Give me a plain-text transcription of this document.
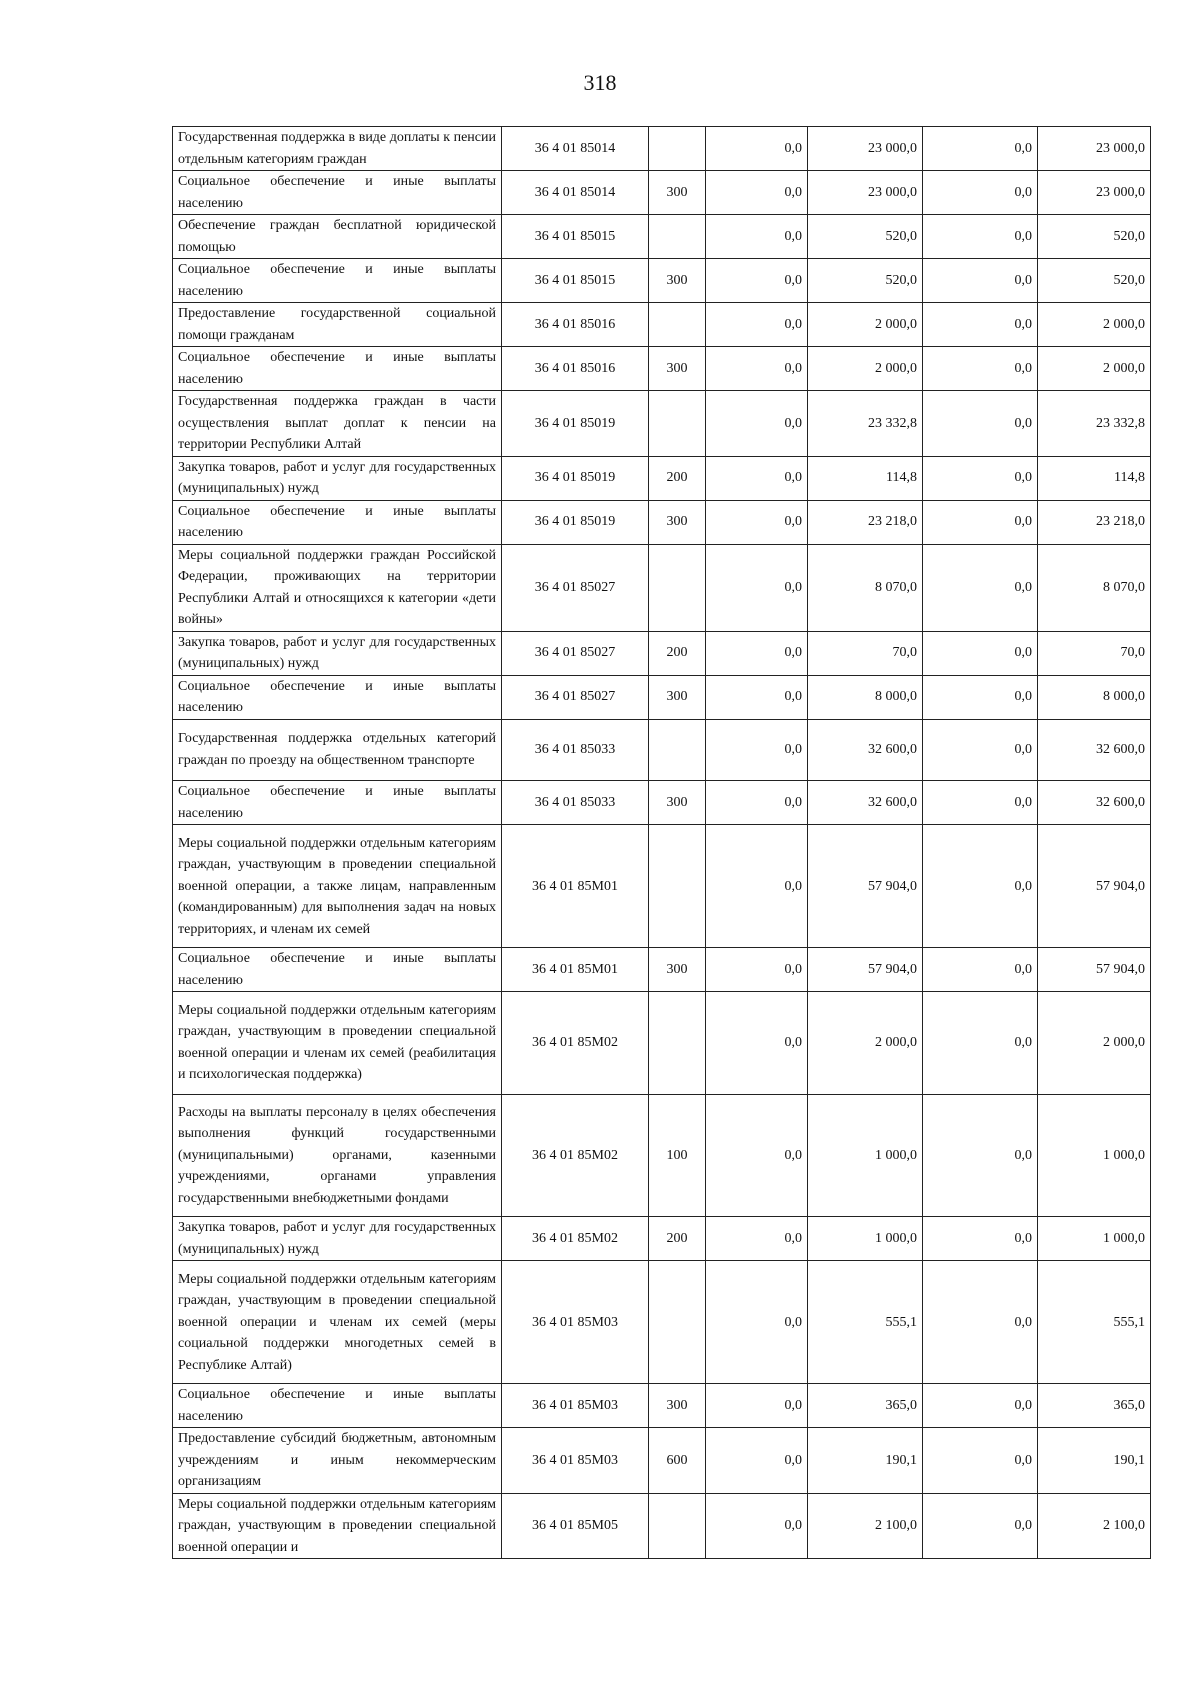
318
Государственная поддержка в виде доплаты к пенсии отдельным категориям граждан	36 4 01 85014		0,0	23 000,0	0,0	23 000,0
Социальное обеспечение и иные выплаты населению	36 4 01 85014	300	0,0	23 000,0	0,0	23 000,0
Обеспечение граждан бесплатной юридической помощью	36 4 01 85015		0,0	520,0	0,0	520,0
Социальное обеспечение и иные выплаты населению	36 4 01 85015	300	0,0	520,0	0,0	520,0
Предоставление государственной социальной помощи гражданам	36 4 01 85016		0,0	2 000,0	0,0	2 000,0
Социальное обеспечение и иные выплаты населению	36 4 01 85016	300	0,0	2 000,0	0,0	2 000,0
Государственная поддержка граждан в части осуществления выплат доплат к пенсии на территории Республики Алтай	36 4 01 85019		0,0	23 332,8	0,0	23 332,8
Закупка товаров, работ и услуг для государственных (муниципальных) нужд	36 4 01 85019	200	0,0	114,8	0,0	114,8
Социальное обеспечение и иные выплаты населению	36 4 01 85019	300	0,0	23 218,0	0,0	23 218,0
Меры социальной поддержки граждан Российской Федерации, проживающих на территории Республики Алтай и относящихся к категории «дети войны»	36 4 01 85027		0,0	8 070,0	0,0	8 070,0
Закупка товаров, работ и услуг для государственных (муниципальных) нужд	36 4 01 85027	200	0,0	70,0	0,0	70,0
Социальное обеспечение и иные выплаты населению	36 4 01 85027	300	0,0	8 000,0	0,0	8 000,0
Государственная поддержка отдельных категорий граждан по проезду на общественном транспорте	36 4 01 85033		0,0	32 600,0	0,0	32 600,0
Социальное обеспечение и иные выплаты населению	36 4 01 85033	300	0,0	32 600,0	0,0	32 600,0
Меры социальной поддержки отдельным категориям граждан, участвующим в проведении специальной военной операции, а также лицам, направленным (командированным) для выполнения задач на новых территориях, и членам их семей	36 4 01 85М01		0,0	57 904,0	0,0	57 904,0
Социальное обеспечение и иные выплаты населению	36 4 01 85М01	300	0,0	57 904,0	0,0	57 904,0
Меры социальной поддержки отдельным категориям граждан, участвующим в проведении специальной военной операции и членам их семей (реабилитация и психологическая поддержка)	36 4 01 85М02		0,0	2 000,0	0,0	2 000,0
Расходы на выплаты персоналу в целях обеспечения выполнения функций государственными (муниципальными) органами, казенными учреждениями, органами управления государственными внебюджетными фондами	36 4 01 85М02	100	0,0	1 000,0	0,0	1 000,0
Закупка товаров, работ и услуг для государственных (муниципальных) нужд	36 4 01 85М02	200	0,0	1 000,0	0,0	1 000,0
Меры социальной поддержки отдельным категориям граждан, участвующим в проведении специальной военной операции и членам их семей (меры социальной поддержки многодетных семей в Республике Алтай)	36 4 01 85М03		0,0	555,1	0,0	555,1
Социальное обеспечение и иные выплаты населению	36 4 01 85М03	300	0,0	365,0	0,0	365,0
Предоставление субсидий бюджетным, автономным учреждениям и иным некоммерческим организациям	36 4 01 85М03	600	0,0	190,1	0,0	190,1
Меры социальной поддержки отдельным категориям граждан, участвующим в проведении специальной военной операции и	36 4 01 85М05		0,0	2 100,0	0,0	2 100,0
